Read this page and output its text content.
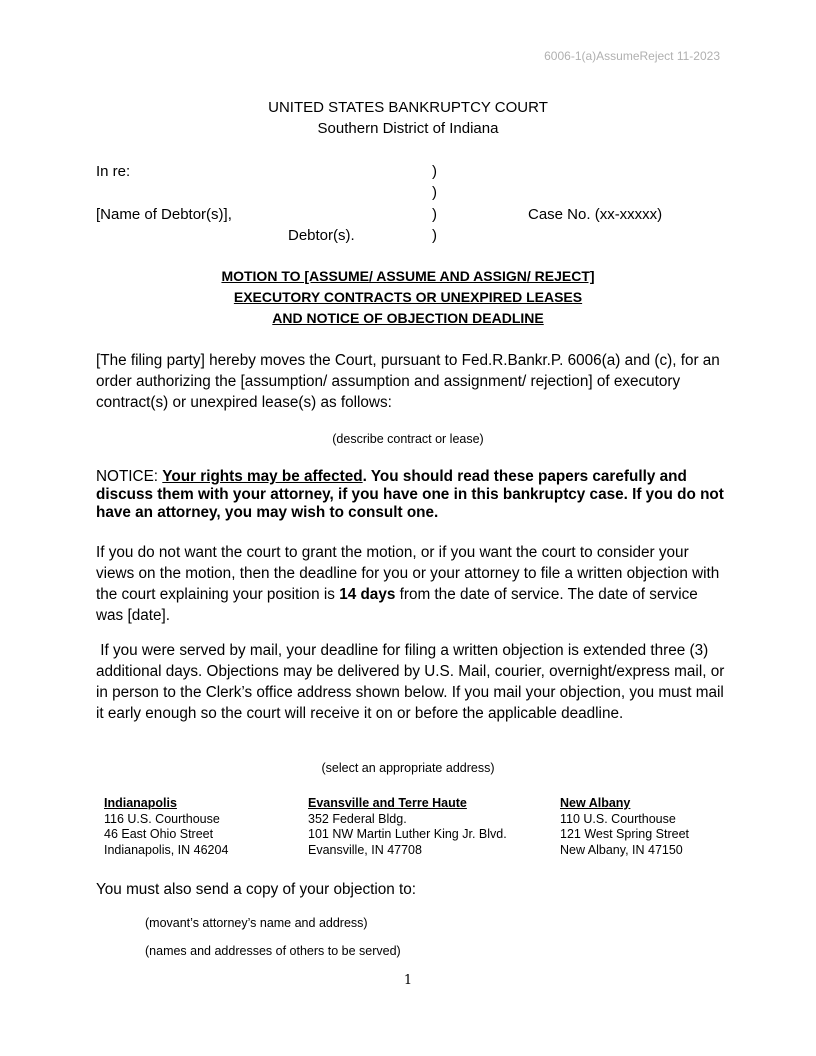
6006-1(a)AssumeReject 11-2023
UNITED STATES BANKRUPTCY COURT
Southern District of Indiana
In re:
[Name of Debtor(s)],
Debtor(s).
)
)
)
)
Case No. (xx-xxxxx)
MOTION TO [ASSUME/ ASSUME AND ASSIGN/ REJECT]
EXECUTORY CONTRACTS OR UNEXPIRED LEASES
AND NOTICE OF OBJECTION DEADLINE
[The filing party] hereby moves the Court, pursuant to Fed.R.Bankr.P. 6006(a) and (c), for an order authorizing the [assumption/ assumption and assignment/ rejection] of executory contract(s) or unexpired lease(s) as follows:
(describe contract or lease)
NOTICE: Your rights may be affected. You should read these papers carefully and discuss them with your attorney, if you have one in this bankruptcy case. If you do not have an attorney, you may wish to consult one.
If you do not want the court to grant the motion, or if you want the court to consider your views on the motion, then the deadline for you or your attorney to file a written objection with the court explaining your position is 14 days from the date of service. The date of service was [date].
If you were served by mail, your deadline for filing a written objection is extended three (3) additional days. Objections may be delivered by U.S. Mail, courier, overnight/express mail, or in person to the Clerk’s office address shown below. If you mail your objection, you must mail it early enough so the court will receive it on or before the applicable deadline.
(select an appropriate address)
Indianapolis
116 U.S. Courthouse
46 East Ohio Street
Indianapolis, IN 46204
Evansville and Terre Haute
352 Federal Bldg.
101 NW Martin Luther King Jr. Blvd.
Evansville, IN 47708
New Albany
110 U.S. Courthouse
121 West Spring Street
New Albany, IN 47150
You must also send a copy of your objection to:
(movant’s attorney’s name and address)
(names and addresses of others to be served)
1
